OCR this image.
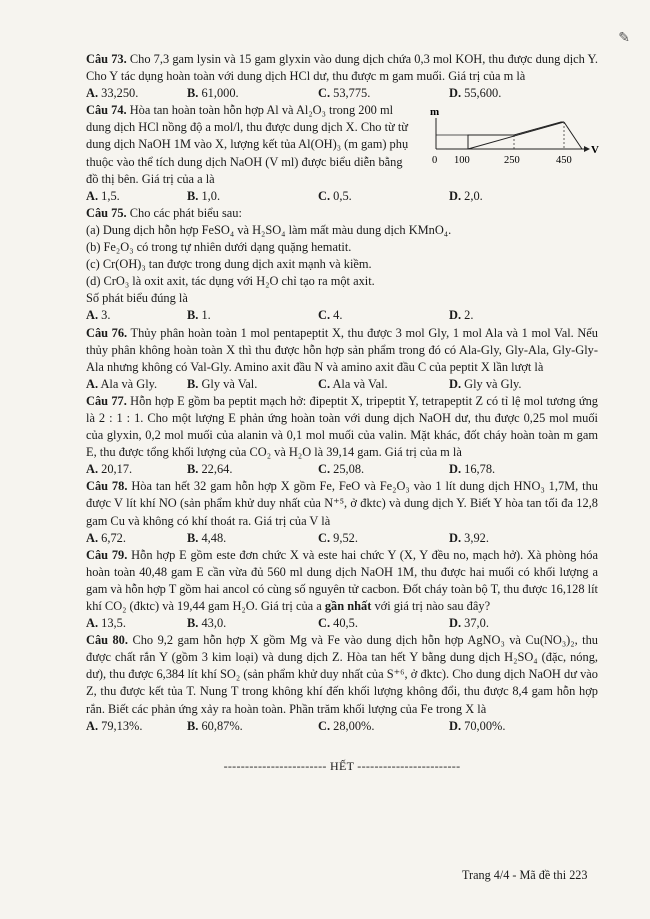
✎

Câu 73. Cho 7,3 gam lysin và 15 gam glyxin vào dung dịch chứa 0,3 mol KOH, thu được dung dịch Y. Cho Y tác dụng hoàn toàn với dung dịch HCl dư, thu được m gam muối. Giá trị của m là

A. 33,250.	B. 61,000.	C. 53,775.	D. 55,600.
Câu 74. Hòa tan hoàn toàn hỗn hợp Al và Al₂O₃ trong 200 ml
dung dịch HCl nồng độ a mol/l, thu được dung dịch X. Cho từ từ
dung dịch NaOH 1M vào X, lượng kết tủa Al(OH)₃ (m gam) phụ
thuộc vào thể tích dung dịch NaOH (V ml) được biểu diễn bằng
đồ thị bên. Giá trị của a là
m
V
0 100	250	450
A. 1,5.	B. 1,0.	C. 0,5.	D. 2,0.

Câu 75. Cho các phát biểu sau:

(a) Dung dịch hỗn hợp FeSO₄ và H₂SO₄ làm mất màu dung dịch KMnO₄.
(b) Fe₂O₃ có trong tự nhiên dưới dạng quặng hematit.
(c) Cr(OH)₃ tan được trong dung dịch axit mạnh và kiềm.
(d) CrO₃ là oxit axit, tác dụng với H₂O chỉ tạo ra một axit.
Số phát biểu đúng là
A. 3.	B. 1.	C. 4.	D. 2.

Câu 76. Thủy phân hoàn toàn 1 mol pentapeptit X, thu được 3 mol Gly, 1 mol Ala và 1 mol Val. Nếu thủy phân không hoàn toàn X thì thu được hỗn hợp sản phẩm trong đó có Ala-Gly, Gly-Ala, Gly-Gly-Ala nhưng không có Val-Gly. Amino axit đầu N và amino axit đầu C của peptit X lần lượt là

A. Ala và Gly.	B. Gly và Val.	C. Ala và Val.	D. Gly và Gly.

Câu 77. Hỗn hợp E gồm ba peptit mạch hở: đipeptit X, tripeptit Y, tetrapeptit Z có tỉ lệ mol tương ứng là 2 : 1 : 1. Cho một lượng E phản ứng hoàn toàn với dung dịch NaOH dư, thu được 0,25 mol muối của glyxin, 0,2 mol muối của alanin và 0,1 mol muối của valin. Mặt khác, đốt cháy hoàn toàn m gam E, thu được tổng khối lượng của CO₂ và H₂O là 39,14 gam. Giá trị của m là

A. 20,17.	B. 22,64.	C. 25,08.	D. 16,78.

Câu 78. Hòa tan hết 32 gam hỗn hợp X gồm Fe, FeO và Fe₂O₃ vào 1 lít dung dịch HNO₃ 1,7M, thu được V lít khí NO (sản phẩm khử duy nhất của N⁺⁵, ở đktc) và dung dịch Y. Biết Y hòa tan tối đa 12,8 gam Cu và không có khí thoát ra. Giá trị của V là

A. 6,72.	B. 4,48.	C. 9,52.	D. 3,92.

Câu 79. Hỗn hợp E gồm este đơn chức X và este hai chức Y (X, Y đều no, mạch hở). Xà phòng hóa hoàn toàn 40,48 gam E cần vừa đủ 560 ml dung dịch NaOH 1M, thu được hai muối có khối lượng a gam và hỗn hợp T gồm hai ancol có cùng số nguyên tử cacbon. Đốt cháy toàn bộ T, thu được 16,128 lít khí CO₂ (đktc) và 19,44 gam H₂O. Giá trị của a gần nhất với giá trị nào sau đây?

A. 13,5.	B. 43,0.	C. 40,5.	D. 37,0.

Câu 80. Cho 9,2 gam hỗn hợp X gồm Mg và Fe vào dung dịch hỗn hợp AgNO₃ và Cu(NO₃)₂, thu được chất rắn Y (gồm 3 kim loại) và dung dịch Z. Hòa tan hết Y bằng dung dịch H₂SO₄ (đặc, nóng, dư), thu được 6,384 lít khí SO₂ (sản phẩm khử duy nhất của S⁺⁶, ở đktc). Cho dung dịch NaOH dư vào Z, thu được kết tủa T. Nung T trong không khí đến khối lượng không đổi, thu được 8,4 gam hỗn hợp rắn. Biết các phản ứng xảy ra hoàn toàn. Phần trăm khối lượng của Fe trong X là

A. 79,13%.	B. 60,87%.	C. 28,00%.	D. 70,00%.
------------------------ HẾT ------------------------
Trang 4/4 - Mã đề thi 223
